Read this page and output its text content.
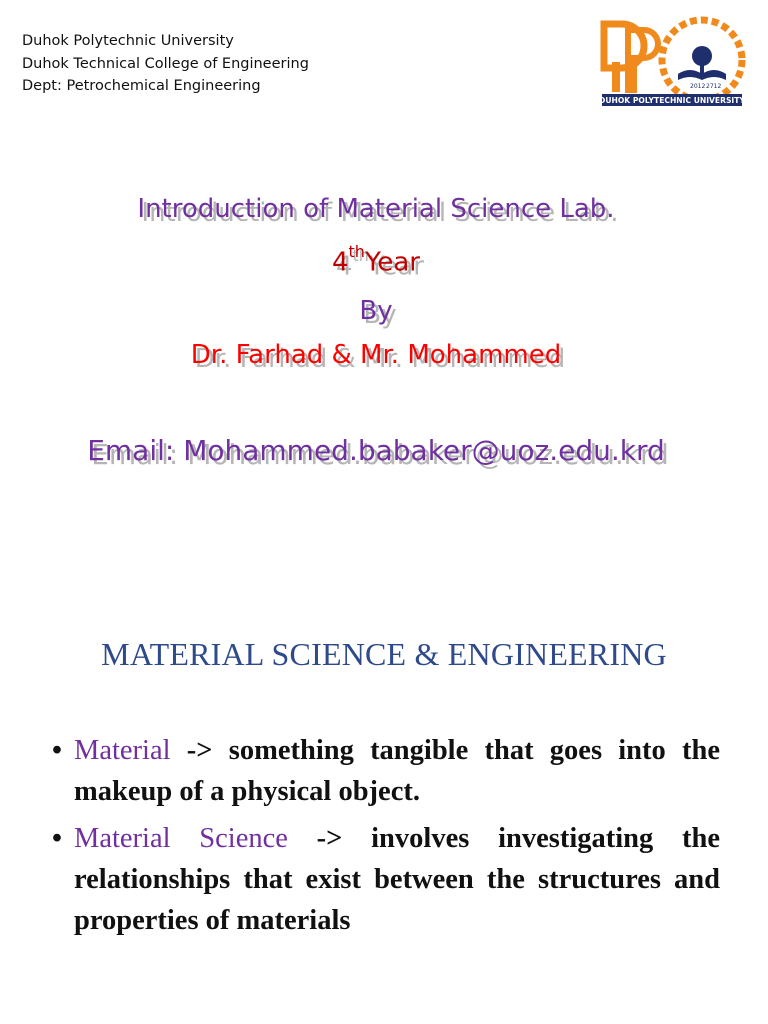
Duhok Polytechnic University
Duhok Technical College of Engineering
Dept: Petrochemical Engineering	2012 2712
DUHOK POLYTECHNIC UNIVERSITY
Introduction of Material Science Lab.
4thYear
By
Dr. Farhad & Mr. Mohammed
Email: Mohammed.babaker@uoz.edu.krd
MATERIAL SCIENCE & ENGINEERING
• Material -> something tangible that goes into the makeup of a physical object.
• Material Science -> involves investigating the relationships that exist between the structures and properties of materials
